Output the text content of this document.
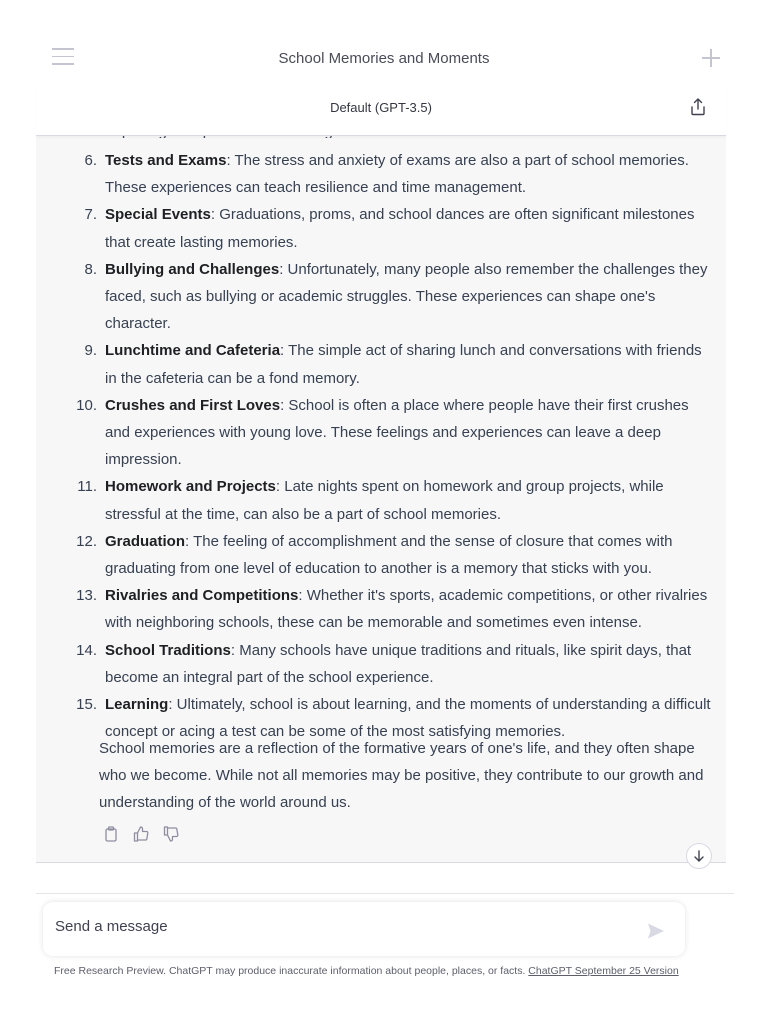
School Memories and Moments
6. Tests and Exams: The stress and anxiety of exams are also a part of school memories. These experiences can teach resilience and time management.
7. Special Events: Graduations, proms, and school dances are often significant milestones that create lasting memories.
8. Bullying and Challenges: Unfortunately, many people also remember the challenges they faced, such as bullying or academic struggles. These experiences can shape one's character.
9. Lunchtime and Cafeteria: The simple act of sharing lunch and conversations with friends in the cafeteria can be a fond memory.
10. Crushes and First Loves: School is often a place where people have their first crushes and experiences with young love. These feelings and experiences can leave a deep impression.
11. Homework and Projects: Late nights spent on homework and group projects, while stressful at the time, can also be a part of school memories.
12. Graduation: The feeling of accomplishment and the sense of closure that comes with graduating from one level of education to another is a memory that sticks with you.
13. Rivalries and Competitions: Whether it's sports, academic competitions, or other rivalries with neighboring schools, these can be memorable and sometimes even intense.
14. School Traditions: Many schools have unique traditions and rituals, like spirit days, that become an integral part of the school experience.
15. Learning: Ultimately, school is about learning, and the moments of understanding a difficult concept or acing a test can be some of the most satisfying memories.
School memories are a reflection of the formative years of one's life, and they often shape who we become. While not all memories may be positive, they contribute to our growth and understanding of the world around us.

Default (GPT-3.5)
Send a message
Free Research Preview. ChatGPT may produce inaccurate information about people, places, or facts. ChatGPT September 25 Version
